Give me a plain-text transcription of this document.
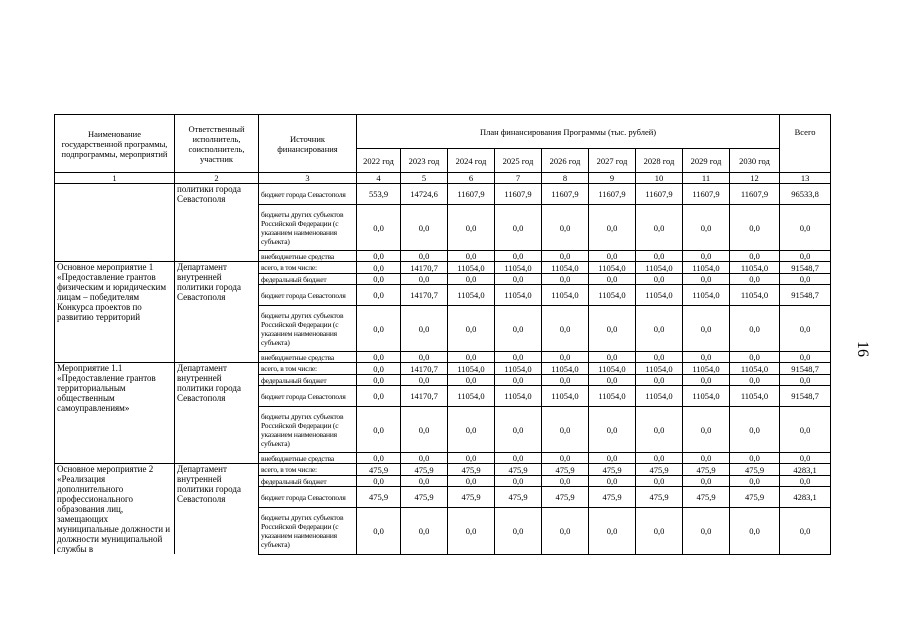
Наименование государственной программы, подпрограммы, мероприятий	Ответственный исполнитель, соисполнитель, участник	Источник финансирования	План финансирования Программы (тыс. рублей)									Всего
			2022 год	2023 год	2024 год	2025 год	2026 год	2027 год	2028 год	2029 год	2030 год	
1	2	3	4	5	6	7	8	9	10	11	12	13
	политики города Севастополя	бюджет города Севастополя	553,9	14724,6	11607,9	11607,9	11607,9	11607,9	11607,9	11607,9	11607,9	96533,8
		бюджеты других субъектов Российской Федерации (с указанием наименования субъекта)	0,0	0,0	0,0	0,0	0,0	0,0	0,0	0,0	0,0	0,0
		внебюджетные средства	0,0	0,0	0,0	0,0	0,0	0,0	0,0	0,0	0,0	0,0
Основное мероприятие 1 «Предоставление грантов физическим и юридическим лицам – победителям Конкурса проектов по развитию территорий	Департамент внутренней политики города Севастополя	всего, в том числе:	0,0	14170,7	11054,0	11054,0	11054,0	11054,0	11054,0	11054,0	11054,0	91548,7
		федеральный бюджет	0,0	0,0	0,0	0,0	0,0	0,0	0,0	0,0	0,0	0,0
		бюджет города Севастополя	0,0	14170,7	11054,0	11054,0	11054,0	11054,0	11054,0	11054,0	11054,0	91548,7
		бюджеты других субъектов Российской Федерации (с указанием наименования субъекта)	0,0	0,0	0,0	0,0	0,0	0,0	0,0	0,0	0,0	0,0
		внебюджетные средства	0,0	0,0	0,0	0,0	0,0	0,0	0,0	0,0	0,0	0,0
Мероприятие 1.1 «Предоставление грантов территориальным общественным самоуправлениям»	Департамент внутренней политики города Севастополя	всего, в том числе:	0,0	14170,7	11054,0	11054,0	11054,0	11054,0	11054,0	11054,0	11054,0	91548,7
		федеральный бюджет	0,0	0,0	0,0	0,0	0,0	0,0	0,0	0,0	0,0	0,0
		бюджет города Севастополя	0,0	14170,7	11054,0	11054,0	11054,0	11054,0	11054,0	11054,0	11054,0	91548,7
		бюджеты других субъектов Российской Федерации (с указанием наименования субъекта)	0,0	0,0	0,0	0,0	0,0	0,0	0,0	0,0	0,0	0,0
		внебюджетные средства	0,0	0,0	0,0	0,0	0,0	0,0	0,0	0,0	0,0	0,0
Основное мероприятие 2 «Реализация дополнительного профессионального образования лиц, замещающих муниципальные должности и должности муниципальной службы в	Департамент внутренней политики города Севастополя	всего, в том числе:	475,9	475,9	475,9	475,9	475,9	475,9	475,9	475,9	475,9	4283,1
		федеральный бюджет	0,0	0,0	0,0	0,0	0,0	0,0	0,0	0,0	0,0	0,0
		бюджет города Севастополя	475,9	475,9	475,9	475,9	475,9	475,9	475,9	475,9	475,9	4283,1
		бюджеты других субъектов Российской Федерации (с указанием наименования субъекта)	0,0	0,0	0,0	0,0	0,0	0,0	0,0	0,0	0,0	0,0
16
